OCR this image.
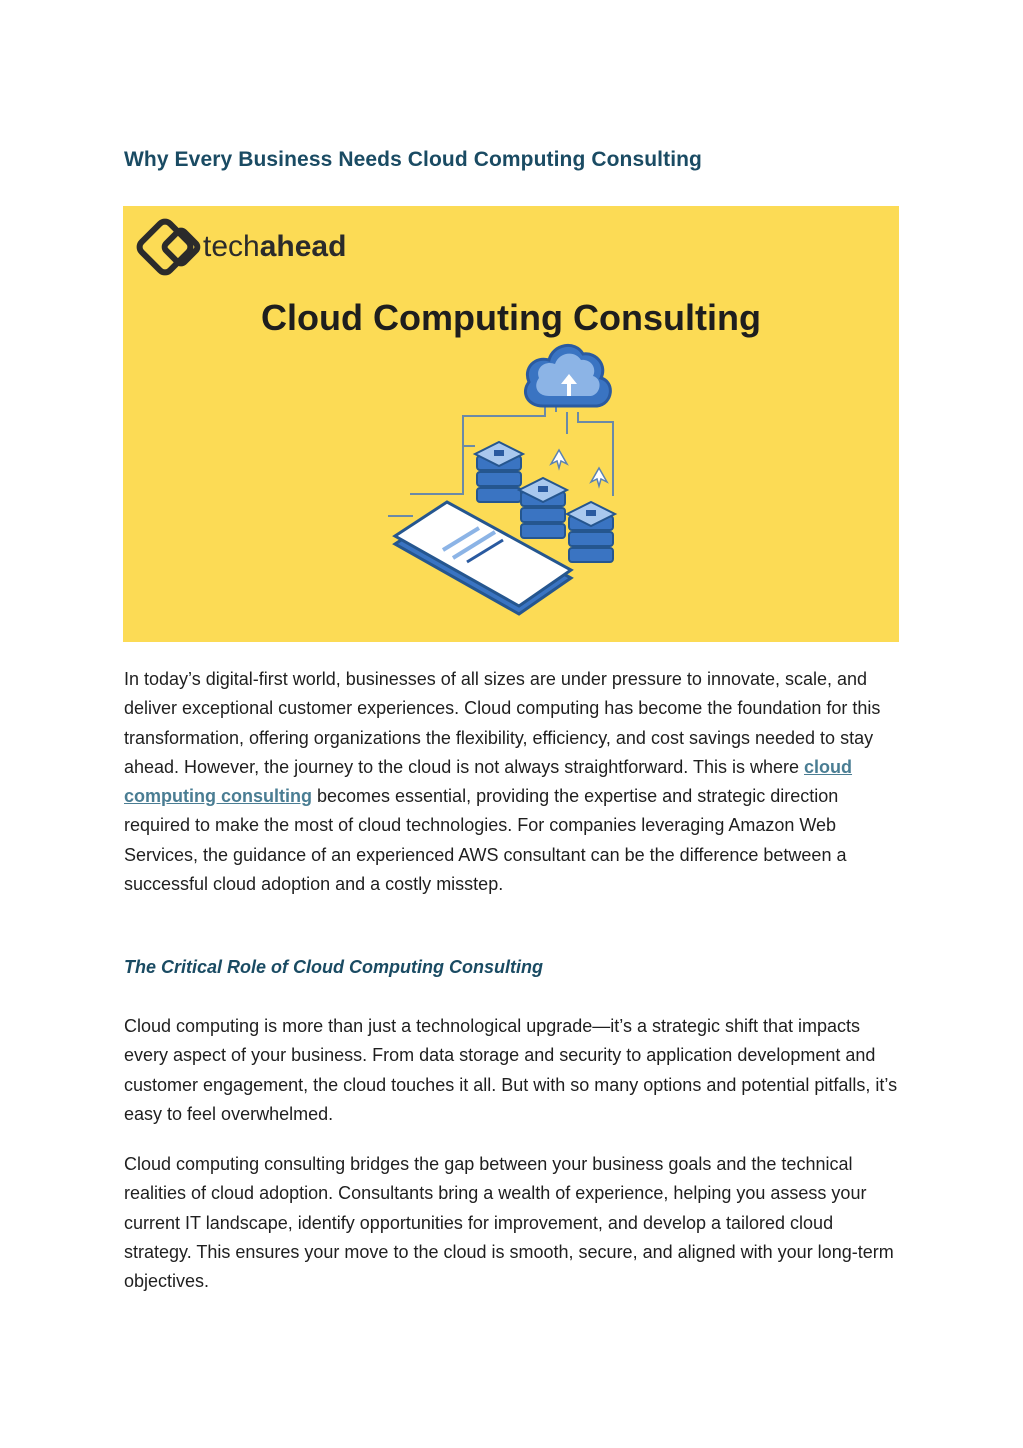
Why Every Business Needs Cloud Computing Consulting
techahead
Cloud Computing Consulting

In today’s digital-first world, businesses of all sizes are under pressure to innovate, scale, and deliver exceptional customer experiences. Cloud computing has become the foundation for this transformation, offering organizations the flexibility, efficiency, and cost savings needed to stay ahead. However, the journey to the cloud is not always straightforward. This is where cloud computing consulting becomes essential, providing the expertise and strategic direction required to make the most of cloud technologies. For companies leveraging Amazon Web Services, the guidance of an experienced AWS consultant can be the difference between a successful cloud adoption and a costly misstep.

The Critical Role of Cloud Computing Consulting

Cloud computing is more than just a technological upgrade—it’s a strategic shift that impacts every aspect of your business. From data storage and security to application development and customer engagement, the cloud touches it all. But with so many options and potential pitfalls, it’s easy to feel overwhelmed.

Cloud computing consulting bridges the gap between your business goals and the technical realities of cloud adoption. Consultants bring a wealth of experience, helping you assess your current IT landscape, identify opportunities for improvement, and develop a tailored cloud strategy. This ensures your move to the cloud is smooth, secure, and aligned with your long-term objectives.
